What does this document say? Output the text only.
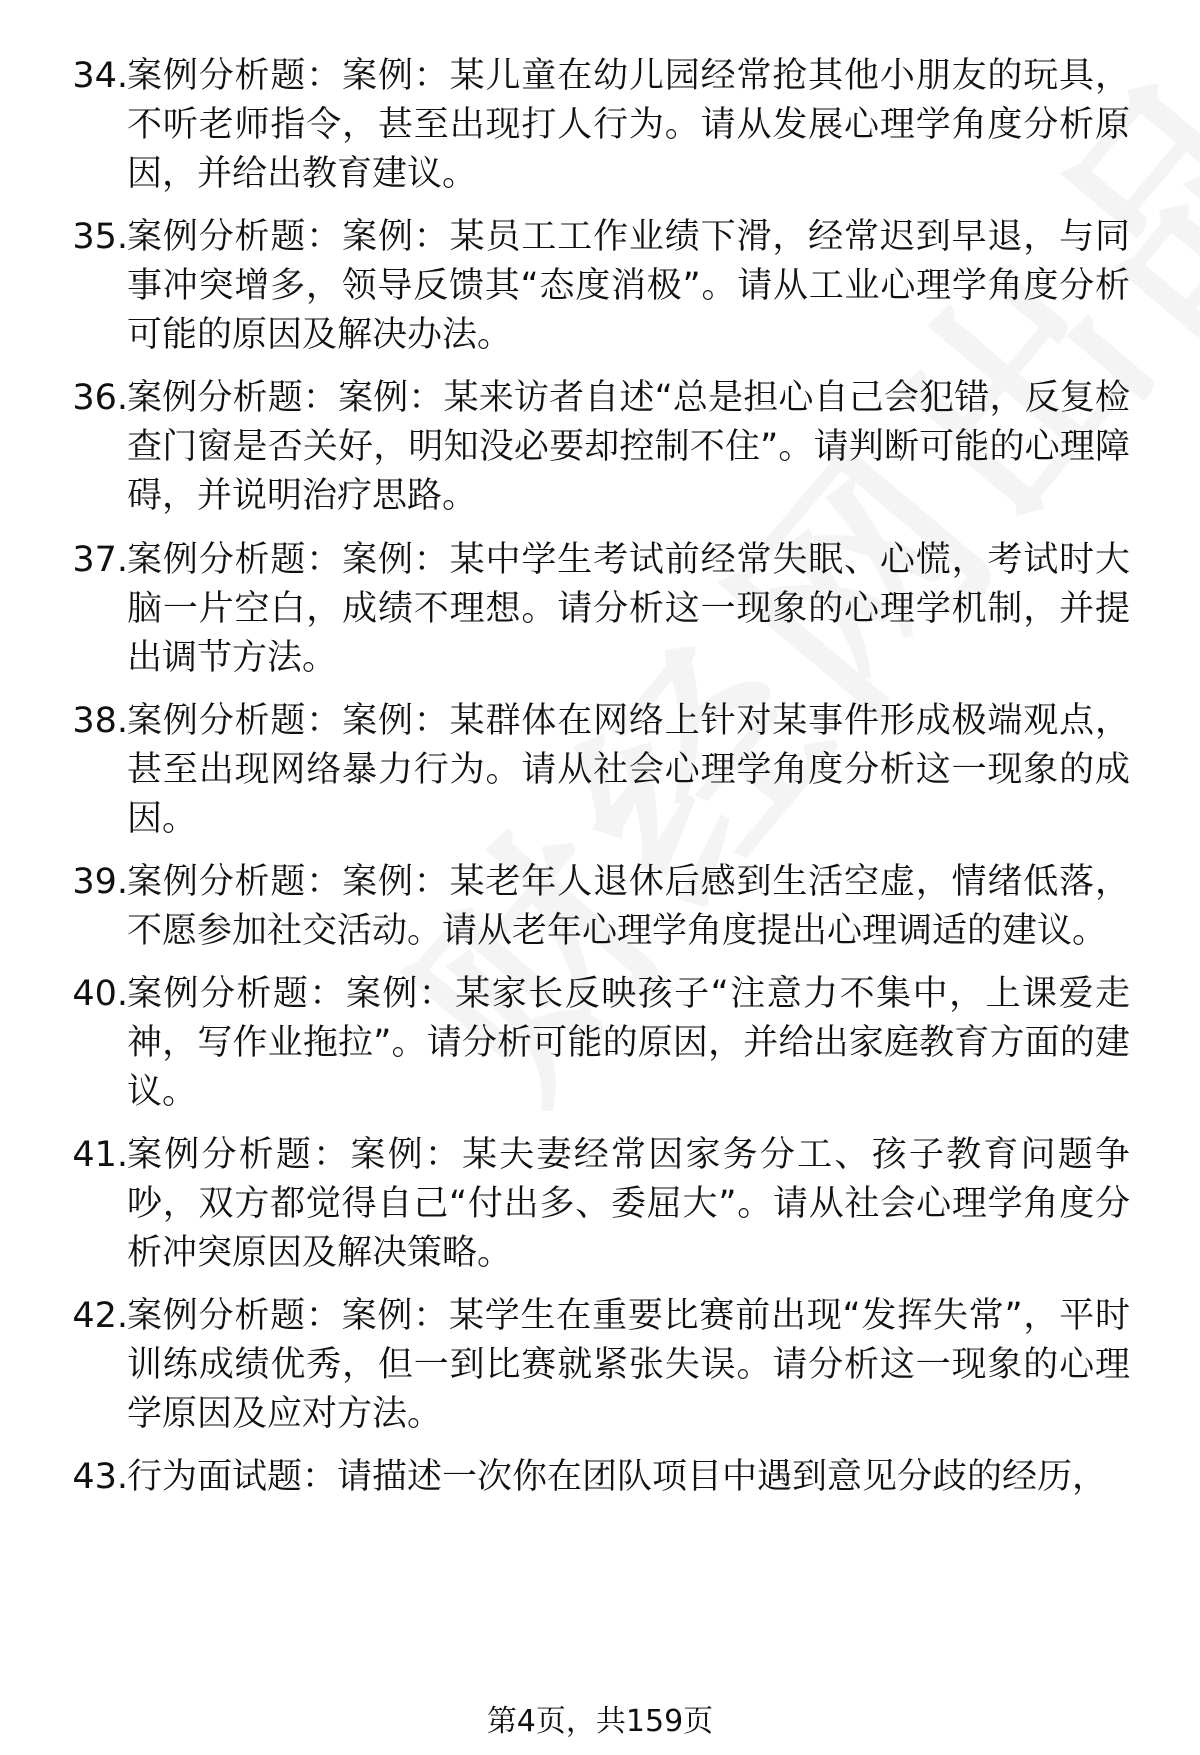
34. 案例分析题：案例：某儿童在幼儿园经常抢其他小朋友的玩具，不听老师指令，甚至出现打人行为。请从发展心理学角度分析原因，并给出教育建议。
35. 案例分析题：案例：某员工工作业绩下滑，经常迟到早退，与同事冲突增多，领导反馈其“态度消极”。请从工业心理学角度分析可能的原因及解决办法。
36. 案例分析题：案例：某来访者自述“总是担心自己会犯错，反复检查门窗是否关好，明知没必要却控制不住”。请判断可能的心理障碍，并说明治疗思路。
37. 案例分析题：案例：某中学生考试前经常失眠、心慌，考试时大脑一片空白，成绩不理想。请分析这一现象的心理学机制，并提出调节方法。
38. 案例分析题：案例：某群体在网络上针对某事件形成极端观点，甚至出现网络暴力行为。请从社会心理学角度分析这一现象的成因。
39. 案例分析题：案例：某老年人退休后感到生活空虚，情绪低落，不愿参加社交活动。请从老年心理学角度提出心理调适的建议。
40. 案例分析题：案例：某家长反映孩子“注意力不集中，上课爱走神，写作业拖拉”。请分析可能的原因，并给出家庭教育方面的建议。
41. 案例分析题：案例：某夫妻经常因家务分工、孩子教育问题争吵，双方都觉得自己“付出多、委屈大”。请从社会心理学角度分析冲突原因及解决策略。
42. 案例分析题：案例：某学生在重要比赛前出现“发挥失常”，平时训练成绩优秀，但一到比赛就紧张失误。请分析这一现象的心理学原因及应对方法。
43. 行为面试题：请描述一次你在团队项目中遇到意见分歧的经历，
第4页，共159页
